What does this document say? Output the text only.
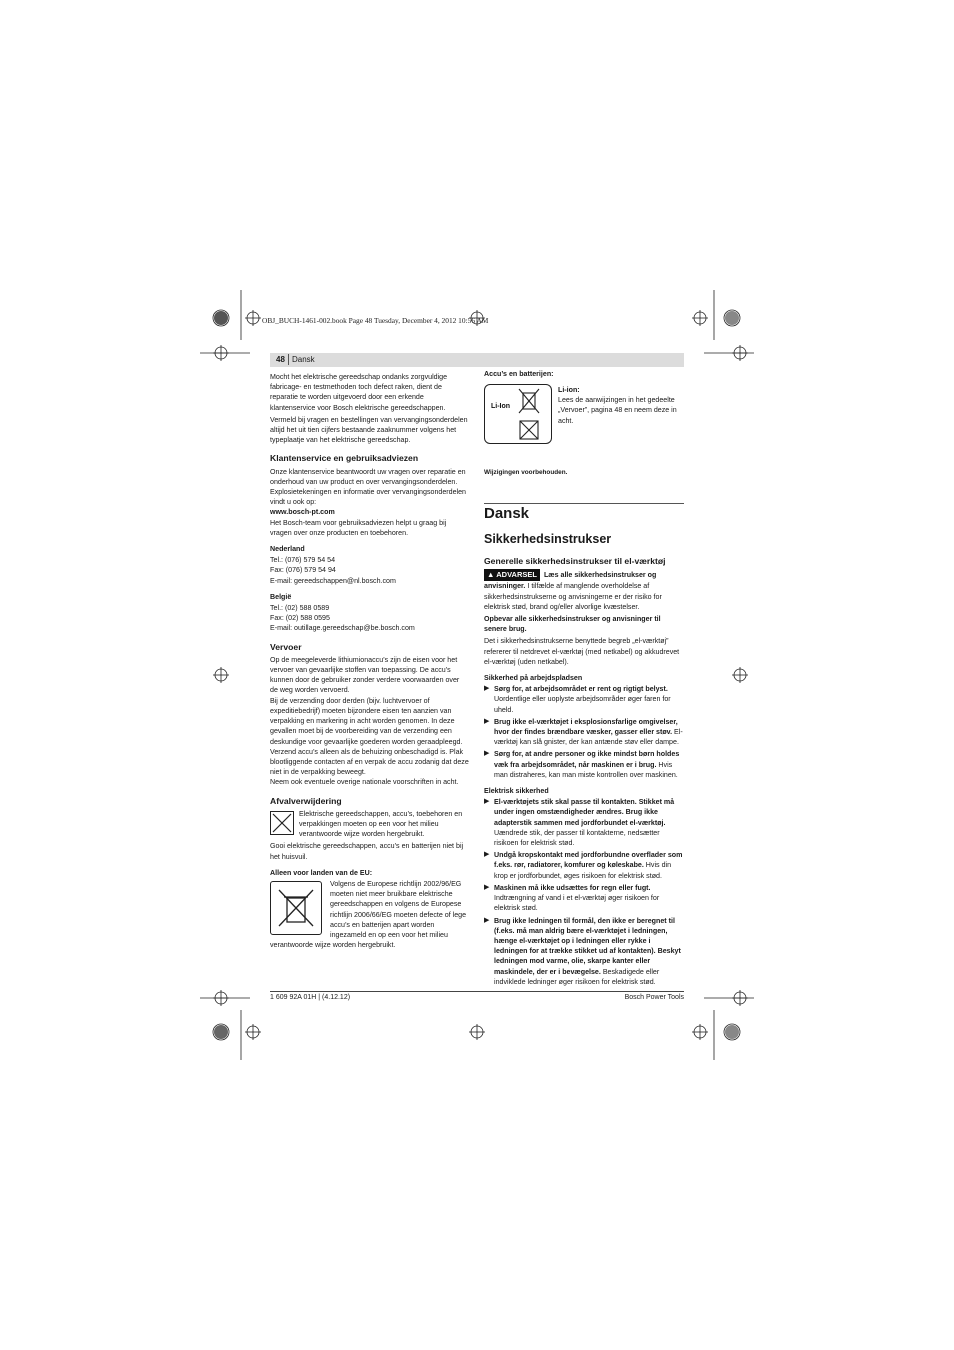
OBJ_BUCH-1461-002.book Page 48 Tuesday, December 4, 2012 10:56 AM
48 Dansk

Mocht het elektrische gereedschap ondanks zorgvuldige fabricage- en testmethoden toch defect raken, dient de reparatie te worden uitgevoerd door een erkende klantenservice voor Bosch elektrische gereedschappen.

Vermeld bij vragen en bestellingen van vervangingsonderdelen altijd het uit tien cijfers bestaande zaaknummer volgens het typeplaatje van het elektrische gereedschap.

Klantenservice en gebruiksadviezen

Onze klantenservice beantwoordt uw vragen over reparatie en onderhoud van uw product en over vervangingsonderdelen. Explosietekeningen en informatie over vervangingsonderdelen vindt u ook op:

www.bosch-pt.com

Het Bosch-team voor gebruiksadviezen helpt u graag bij vragen over onze producten en toebehoren.

Nederland
Tel.: (076) 579 54 54
Fax: (076) 579 54 94
E-mail: gereedschappen@nl.bosch.com
België
Tel.: (02) 588 0589
Fax: (02) 588 0595
E-mail: outillage.gereedschap@be.bosch.com
Vervoer

Op de meegeleverde lithiumionaccu’s zijn de eisen voor het vervoer van gevaarlijke stoffen van toepassing. De accu’s kunnen door de gebruiker zonder verdere voorwaarden over de weg worden vervoerd.

Bij de verzending door derden (bijv. luchtvervoer of expeditiebedrijf) moeten bijzondere eisen ten aanzien van verpakking en markering in acht worden genomen. In deze gevallen moet bij de voorbereiding van de verzending een deskundige voor gevaarlijke goederen worden geraadpleegd.

Verzend accu’s alleen als de behuizing onbeschadigd is. Plak blootliggende contacten af en verpak de accu zodanig dat deze niet in de verpakking beweegt.

Neem ook eventuele overige nationale voorschriften in acht.

Afvalverwijdering

Elektrische gereedschappen, accu’s, toebehoren en verpakkingen moeten op een voor het milieu verantwoorde wijze worden hergebruikt.

Gooi elektrische gereedschappen, accu’s en batterijen niet bij het huisvuil.

Alleen voor landen van de EU:

Volgens de Europese richtlijn 2002/96/EG moeten niet meer bruikbare elektrische gereedschappen en volgens de Europese richtlijn 2006/66/EG moeten defecte of lege accu’s en batterijen apart worden ingezameld en op een voor het milieu verantwoorde wijze worden hergebruikt.

Accu’s en batterijen:
Li-Ion
Li-ion:
Lees de aanwijzingen in het gedeelte „Vervoer”, pagina 48 en neem deze in acht.
Wijzigingen voorbehouden.
Dansk
Sikkerhedsinstrukser
Generelle sikkerhedsinstrukser til el-værktøj

▲ ADVARSEL Læs alle sikkerhedsinstrukser og anvisninger. I tilfælde af manglende overholdelse af sikkerhedsinstrukserne og anvisningerne er der risiko for elektrisk stød, brand og/eller alvorlige kvæstelser.

Opbevar alle sikkerhedsinstrukser og anvisninger til senere brug.

Det i sikkerhedsinstrukserne benyttede begreb „el-værktøj” refererer til netdrevet el-værktøj (med netkabel) og akkudrevet el-værktøj (uden netkabel).

Sikkerhed på arbejdspladsen
▶ Sørg for, at arbejdsområdet er rent og rigtigt belyst. Uordentlige eller uoplyste arbejdsområder øger faren for uheld.
▶ Brug ikke el-værktøjet i eksplosionsfarlige omgivelser, hvor der findes brændbare væsker, gasser eller støv. El-værktøj kan slå gnister, der kan antænde støv eller dampe.
▶ Sørg for, at andre personer og ikke mindst børn holdes væk fra arbejdsområdet, når maskinen er i brug. Hvis man distraheres, kan man miste kontrollen over maskinen.
Elektrisk sikkerhed
▶ El-værktøjets stik skal passe til kontakten. Stikket må under ingen omstændigheder ændres. Brug ikke adapterstik sammen med jordforbundet el-værktøj. Uændrede stik, der passer til kontakterne, nedsætter risikoen for elektrisk stød.
▶ Undgå kropskontakt med jordforbundne overflader som f.eks. rør, radiatorer, komfurer og køleskabe. Hvis din krop er jordforbundet, øges risikoen for elektrisk stød.
▶ Maskinen må ikke udsættes for regn eller fugt. Indtrængning af vand i et el-værktøj øger risikoen for elektrisk stød.
▶ Brug ikke ledningen til formål, den ikke er beregnet til (f.eks. må man aldrig bære el-værktøjet i ledningen, hænge el-værktøjet op i ledningen eller rykke i ledningen for at trække stikket ud af kontakten). Beskyt ledningen mod varme, olie, skarpe kanter eller maskindele, der er i bevægelse. Beskadigede eller indviklede ledninger øger risikoen for elektrisk stød.
1 609 92A 01H | (4.12.12)	Bosch Power Tools
